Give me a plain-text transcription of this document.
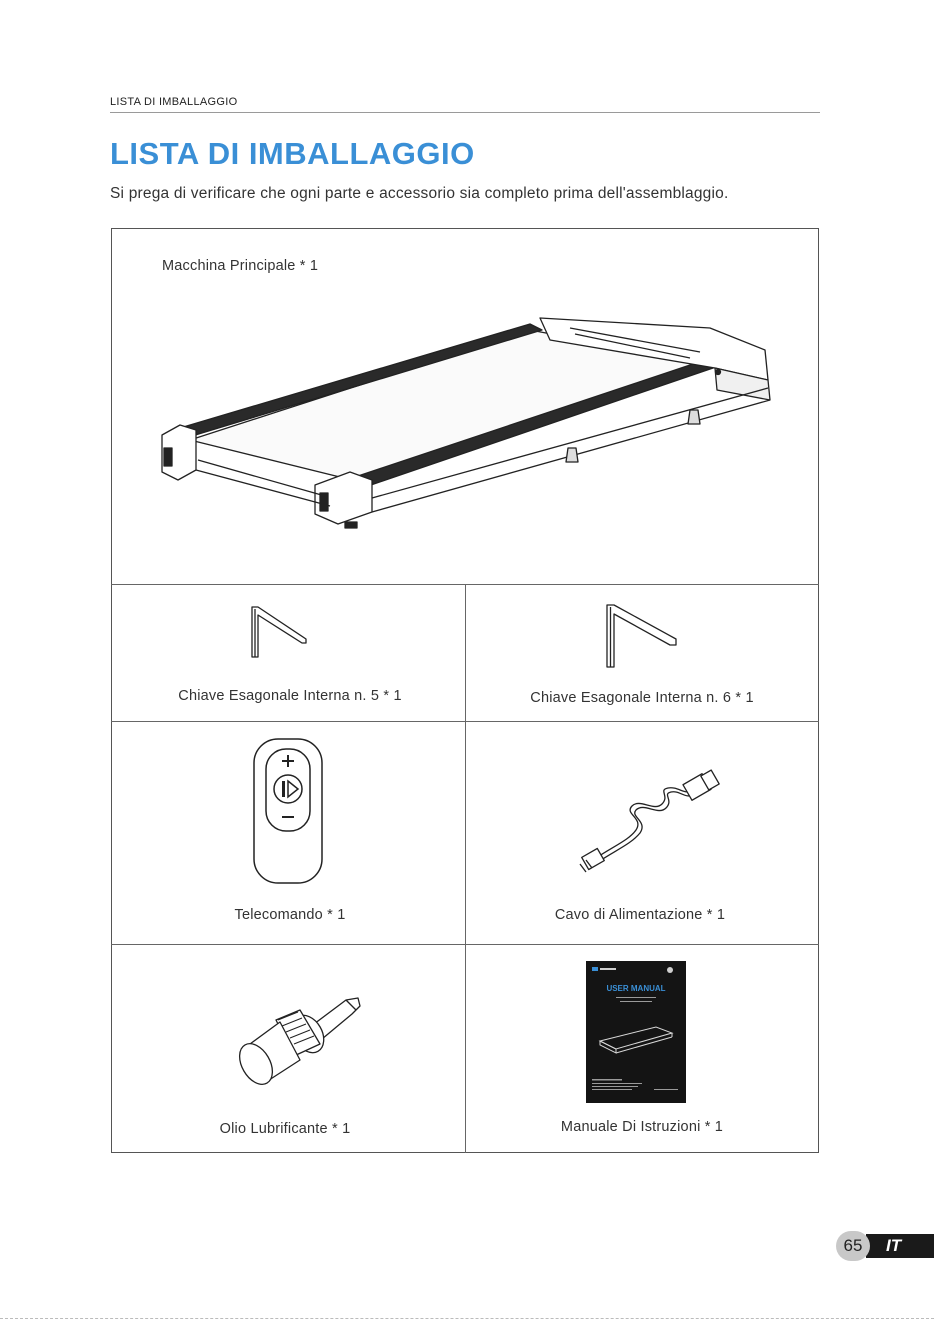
LISTA DI IMBALLAGGIO
LISTA DI IMBALLAGGIO
Si prega di verificare che ogni parte e accessorio sia completo prima dell'assemblaggio.
Macchina Principale * 1
Chiave Esagonale Interna n. 5 * 1	Chiave Esagonale Interna n. 6 * 1
Telecomando * 1	Cavo di Alimentazione * 1
Olio Lubrificante * 1
USER MANUAL
Manuale Di Istruzioni * 1
IT
65
